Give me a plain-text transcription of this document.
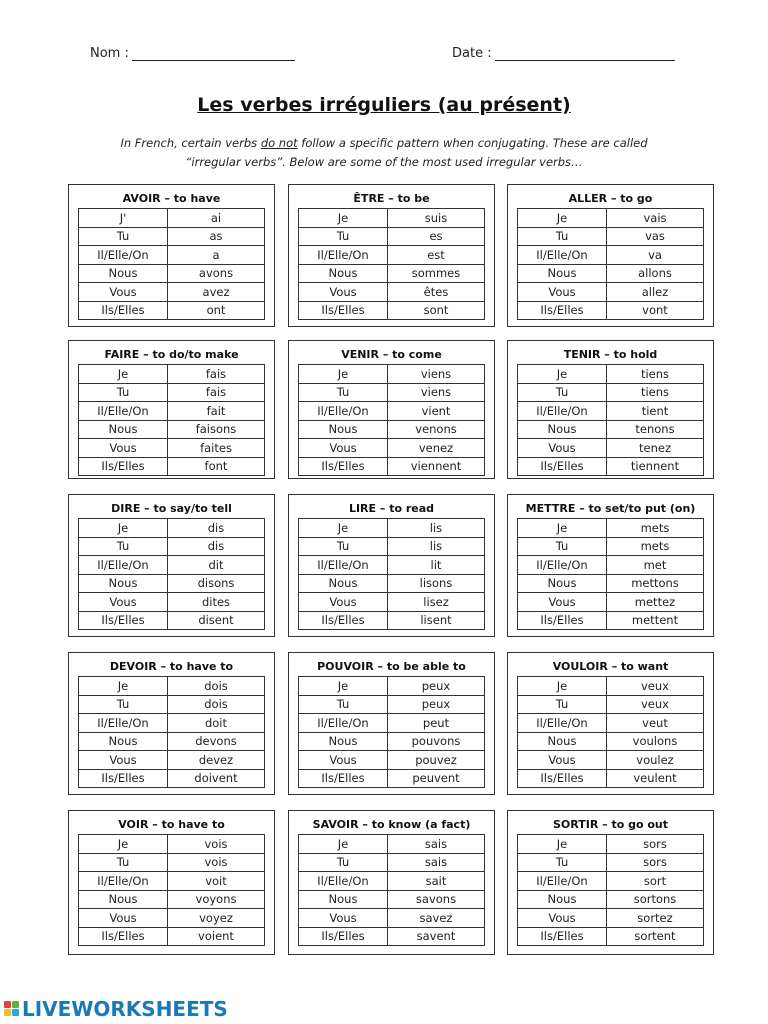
Nom :	Date :
Les verbes irréguliers (au présent)
In French, certain verbs do not follow a specific pattern when conjugating. These are called
“irregular verbs”. Below are some of the most used irregular verbs…
AVOIR – to have
J'	ai
Tu	as
Il/Elle/On	a
Nous	avons
Vous	avez
Ils/Elles	ont
ÊTRE – to be
Je	suis
Tu	es
Il/Elle/On	est
Nous	sommes
Vous	êtes
Ils/Elles	sont
ALLER – to go
Je	vais
Tu	vas
Il/Elle/On	va
Nous	allons
Vous	allez
Ils/Elles	vont
FAIRE – to do/to make
Je	fais
Tu	fais
Il/Elle/On	fait
Nous	faisons
Vous	faites
Ils/Elles	font
VENIR – to come
Je	viens
Tu	viens
Il/Elle/On	vient
Nous	venons
Vous	venez
Ils/Elles	viennent
TENIR – to hold
Je	tiens
Tu	tiens
Il/Elle/On	tient
Nous	tenons
Vous	tenez
Ils/Elles	tiennent
DIRE – to say/to tell
Je	dis
Tu	dis
Il/Elle/On	dit
Nous	disons
Vous	dites
Ils/Elles	disent
LIRE – to read
Je	lis
Tu	lis
Il/Elle/On	lit
Nous	lisons
Vous	lisez
Ils/Elles	lisent
METTRE – to set/to put (on)
Je	mets
Tu	mets
Il/Elle/On	met
Nous	mettons
Vous	mettez
Ils/Elles	mettent
DEVOIR – to have to
Je	dois
Tu	dois
Il/Elle/On	doit
Nous	devons
Vous	devez
Ils/Elles	doivent
POUVOIR – to be able to
Je	peux
Tu	peux
Il/Elle/On	peut
Nous	pouvons
Vous	pouvez
Ils/Elles	peuvent
VOULOIR – to want
Je	veux
Tu	veux
Il/Elle/On	veut
Nous	voulons
Vous	voulez
Ils/Elles	veulent
VOIR – to have to
Je	vois
Tu	vois
Il/Elle/On	voit
Nous	voyons
Vous	voyez
Ils/Elles	voient
SAVOIR – to know (a fact)
Je	sais
Tu	sais
Il/Elle/On	sait
Nous	savons
Vous	savez
Ils/Elles	savent
SORTIR – to go out
Je	sors
Tu	sors
Il/Elle/On	sort
Nous	sortons
Vous	sortez
Ils/Elles	sortent
LIVEWORKSHEETS
